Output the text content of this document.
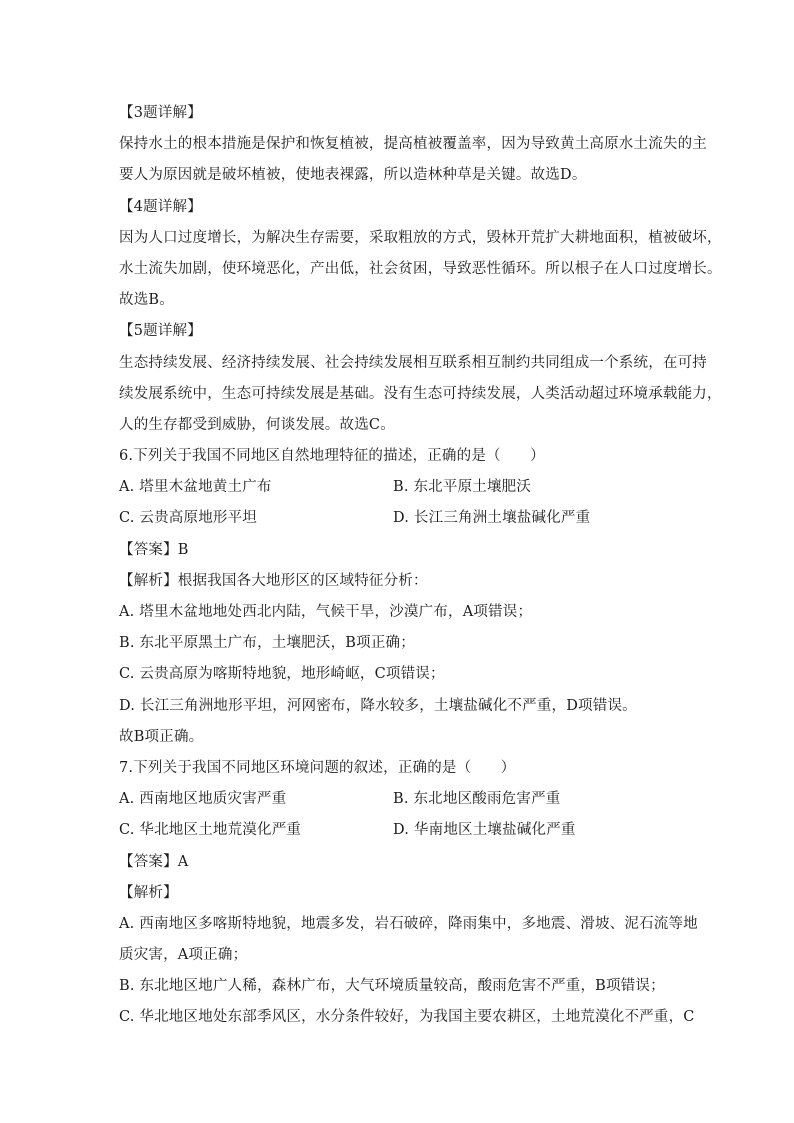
【3题详解】
保持水土的根本措施是保护和恢复植被，提高植被覆盖率，因为导致黄土高原水土流失的主
要人为原因就是破坏植被，使地表裸露，所以造林种草是关键。故选D。
【4题详解】
因为人口过度增长，为解决生存需要，采取粗放的方式，毁林开荒扩大耕地面积，植被破坏，
水土流失加剧，使环境恶化，产出低，社会贫困，导致恶性循环。所以根子在人口过度增长。
故选B。
【5题详解】
生态持续发展、经济持续发展、社会持续发展相互联系相互制约共同组成一个系统，在可持
续发展系统中，生态可持续发展是基础。没有生态可持续发展，人类活动超过环境承载能力，
人的生存都受到威胁，何谈发展。故选C。
6.下列关于我国不同地区自然地理特征的描述，正确的是（　　）
A. 塔里木盆地黄土广布	B. 东北平原土壤肥沃
C. 云贵高原地形平坦	D. 长江三角洲土壤盐碱化严重
【答案】B
【解析】根据我国各大地形区的区域特征分析：
A. 塔里木盆地地处西北内陆，气候干旱，沙漠广布，A项错误；
B. 东北平原黑土广布，土壤肥沃，B项正确；
C. 云贵高原为喀斯特地貌，地形崎岖，C项错误；
D. 长江三角洲地形平坦，河网密布，降水较多，土壤盐碱化不严重，D项错误。
故B项正确。
7.下列关于我国不同地区环境问题的叙述，正确的是（　　）
A. 西南地区地质灾害严重	B. 东北地区酸雨危害严重
C. 华北地区土地荒漠化严重	D. 华南地区土壤盐碱化严重
【答案】A
【解析】
A. 西南地区多喀斯特地貌，地震多发，岩石破碎，降雨集中，多地震、滑坡、泥石流等地
质灾害，A项正确；
B. 东北地区地广人稀，森林广布，大气环境质量较高，酸雨危害不严重，B项错误；
C. 华北地区地处东部季风区，水分条件较好，为我国主要农耕区，土地荒漠化不严重，C
